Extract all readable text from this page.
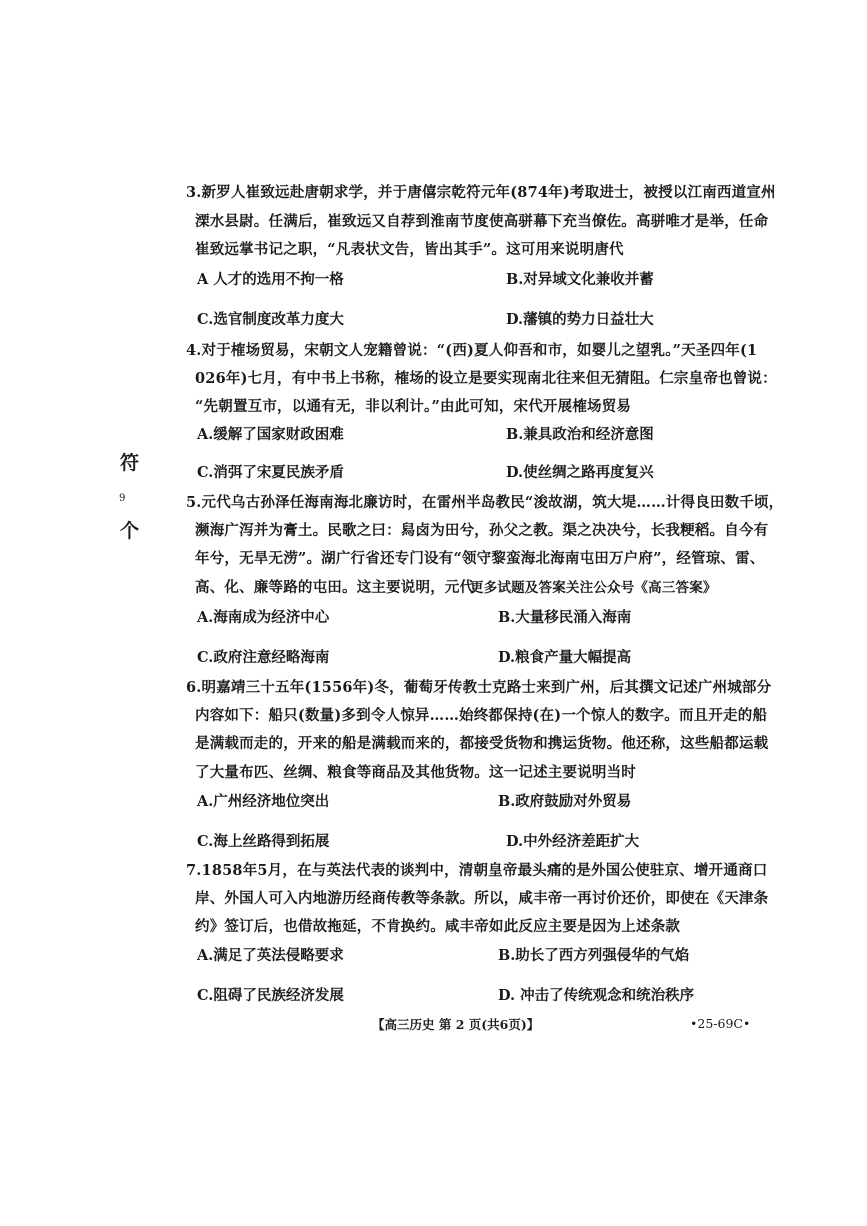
符
9
个
3.新罗人崔致远赴唐朝求学，并于唐僖宗乾符元年(874年)考取进士，被授以江南西道宣州
溧水县尉。任满后，崔致远又自荐到淮南节度使高骈幕下充当僚佐。高骈唯才是举，任命
崔致远掌书记之职，“凡表状文告，皆出其手”。这可用来说明唐代
A 人才的选用不拘一格	B.对异域文化兼收并蓄
C.选官制度改革力度大	D.藩镇的势力日益壮大
4.对于榷场贸易，宋朝文人宠籍曾说：“(西)夏人仰吾和市，如婴儿之望乳。”天圣四年(1
026年)七月，有中书上书称，榷场的设立是要实现南北往来但无猜阻。仁宗皇帝也曾说：
“先朝置互市，以通有无，非以利计。”由此可知，宋代开展榷场贸易
A.缓解了国家财政困难	B.兼具政治和经济意图
C.消弭了宋夏民族矛盾	D.使丝绸之路再度复兴
5.元代乌古孙泽任海南海北廉访时，在雷州半岛教民“浚故湖，筑大堤……计得良田数千顷，
濒海广泻并为膏土。民歌之曰：舄卤为田兮，孙父之教。渠之决决兮，长我粳稻。自今有
年兮，无旱无涝”。湖广行省还专门设有“领守黎蛮海北海南屯田万户府”，经管琼、雷、
高、化、廉等路的屯田。这主要说明，元代
更多试题及答案关注公众号《高三答案》
A.海南成为经济中心	B.大量移民涌入海南
C.政府注意经略海南	D.粮食产量大幅提高
6.明嘉靖三十五年(1556年)冬，葡萄牙传教士克路士来到广州，后其撰文记述广州城部分
内容如下：船只(数量)多到令人惊异……始终都保持(在)一个惊人的数字。而且开走的船
是满载而走的，开来的船是满载而来的，都接受货物和携运货物。他还称，这些船都运载
了大量布匹、丝绸、粮食等商品及其他货物。这一记述主要说明当时
A.广州经济地位突出	B.政府鼓励对外贸易
C.海上丝路得到拓展	D.中外经济差距扩大
7.1858年5月，在与英法代表的谈判中，清朝皇帝最头痛的是外国公使驻京、增开通商口
岸、外国人可入内地游历经商传教等条款。所以，咸丰帝一再讨价还价，即使在《天津条
约》签订后，也借故拖延，不肯换约。咸丰帝如此反应主要是因为上述条款
A.满足了英法侵略要求	B.助长了西方列强侵华的气焰
C.阻碍了民族经济发展	D. 冲击了传统观念和统治秩序
【高三历史 第 2 页(共6页)】	•25-69C•
